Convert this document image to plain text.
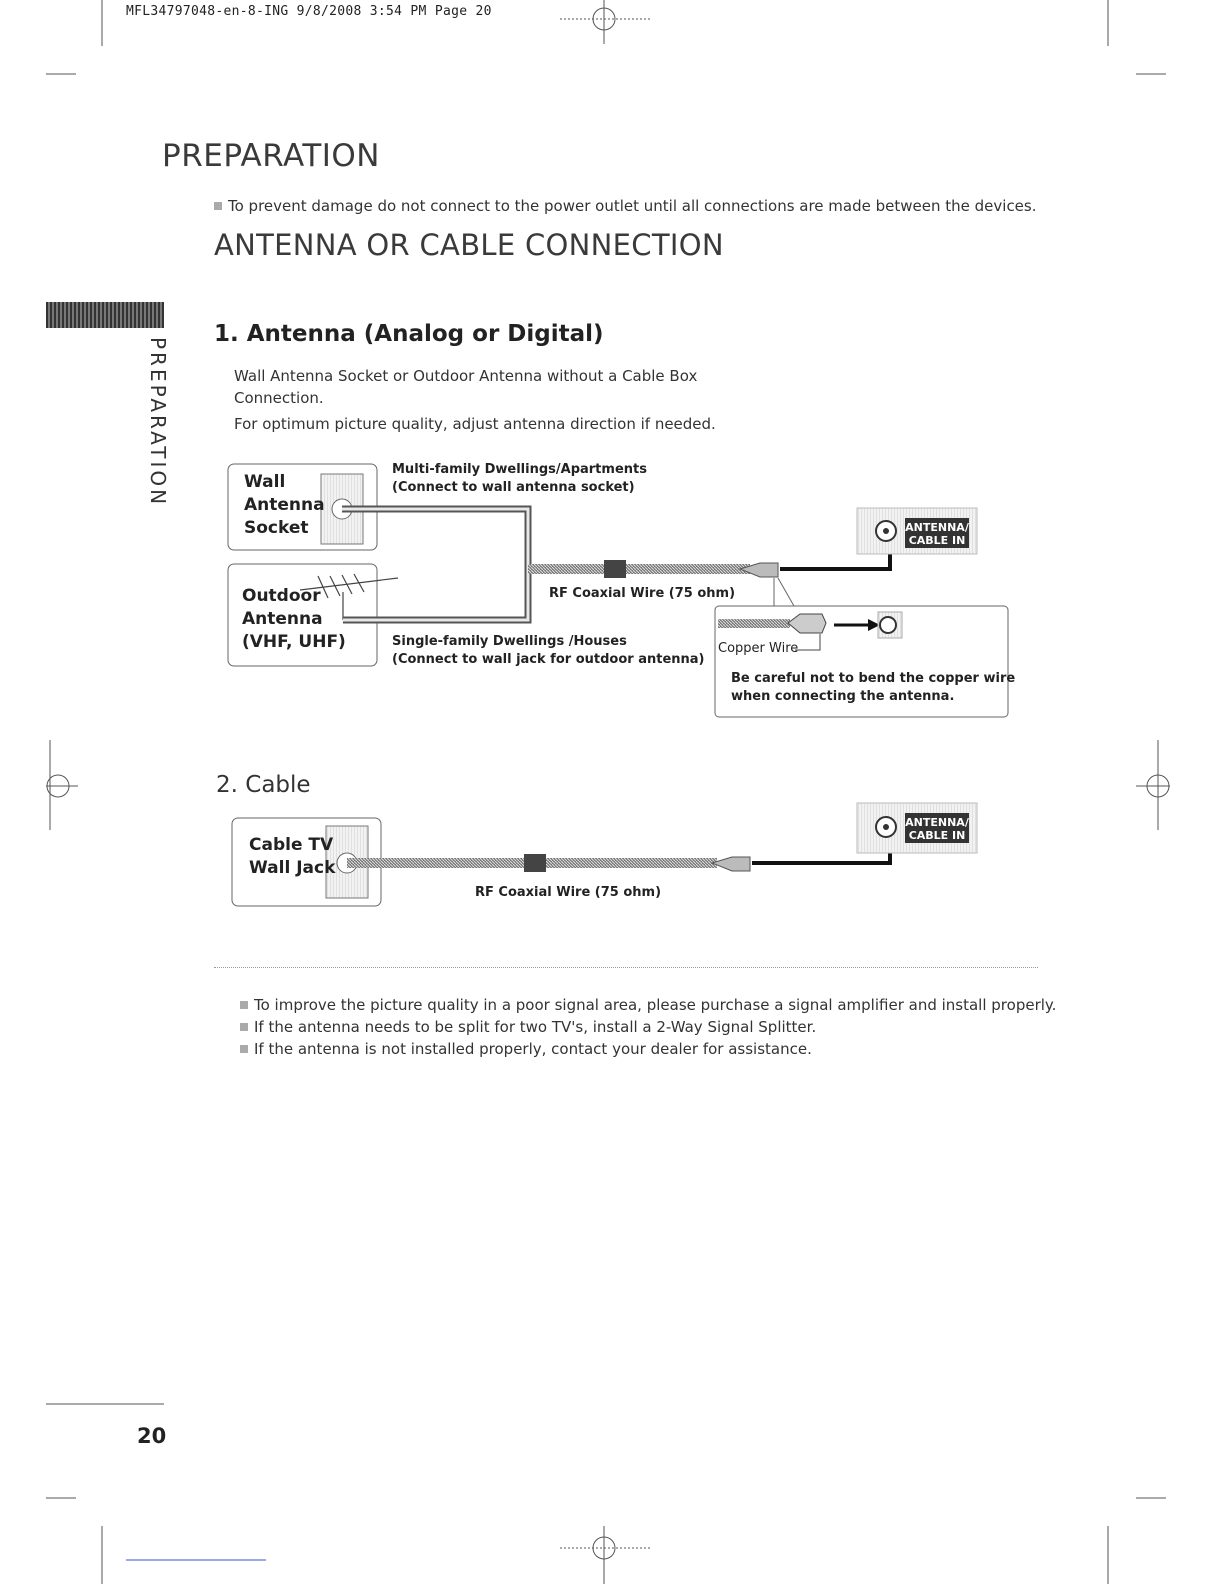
MFL34797048-en-8-ING 9/8/2008 3:54 PM Page 20
PREPARATION
To prevent damage do not connect to the power outlet until all connections are made between the devices.
ANTENNA OR CABLE CONNECTION
PREPARATION
1. Antenna (Analog or Digital)
Wall Antenna Socket or Outdoor Antenna without a Cable Box
Connection.
For optimum picture quality, adjust antenna direction if needed.
Wall
Antenna
Socket
Outdoor
Antenna
(VHF, UHF)
ANTENNA/
CABLE IN
Multi-family Dwellings/Apartments
(Connect to wall antenna socket)
Single-family Dwellings /Houses
(Connect to wall jack for outdoor antenna)
RF Coaxial Wire (75 ohm)
Copper Wire
Be careful not to bend the copper wire
when connecting the antenna.
2. Cable
Cable TV
Wall Jack
ANTENNA/
CABLE IN
RF Coaxial Wire (75 ohm)
To improve the picture quality in a poor signal area, please purchase a signal amplifier and install properly.
If the antenna needs to be split for two TV's, install a 2-Way Signal Splitter.
If the antenna is not installed properly, contact your dealer for assistance.
20
